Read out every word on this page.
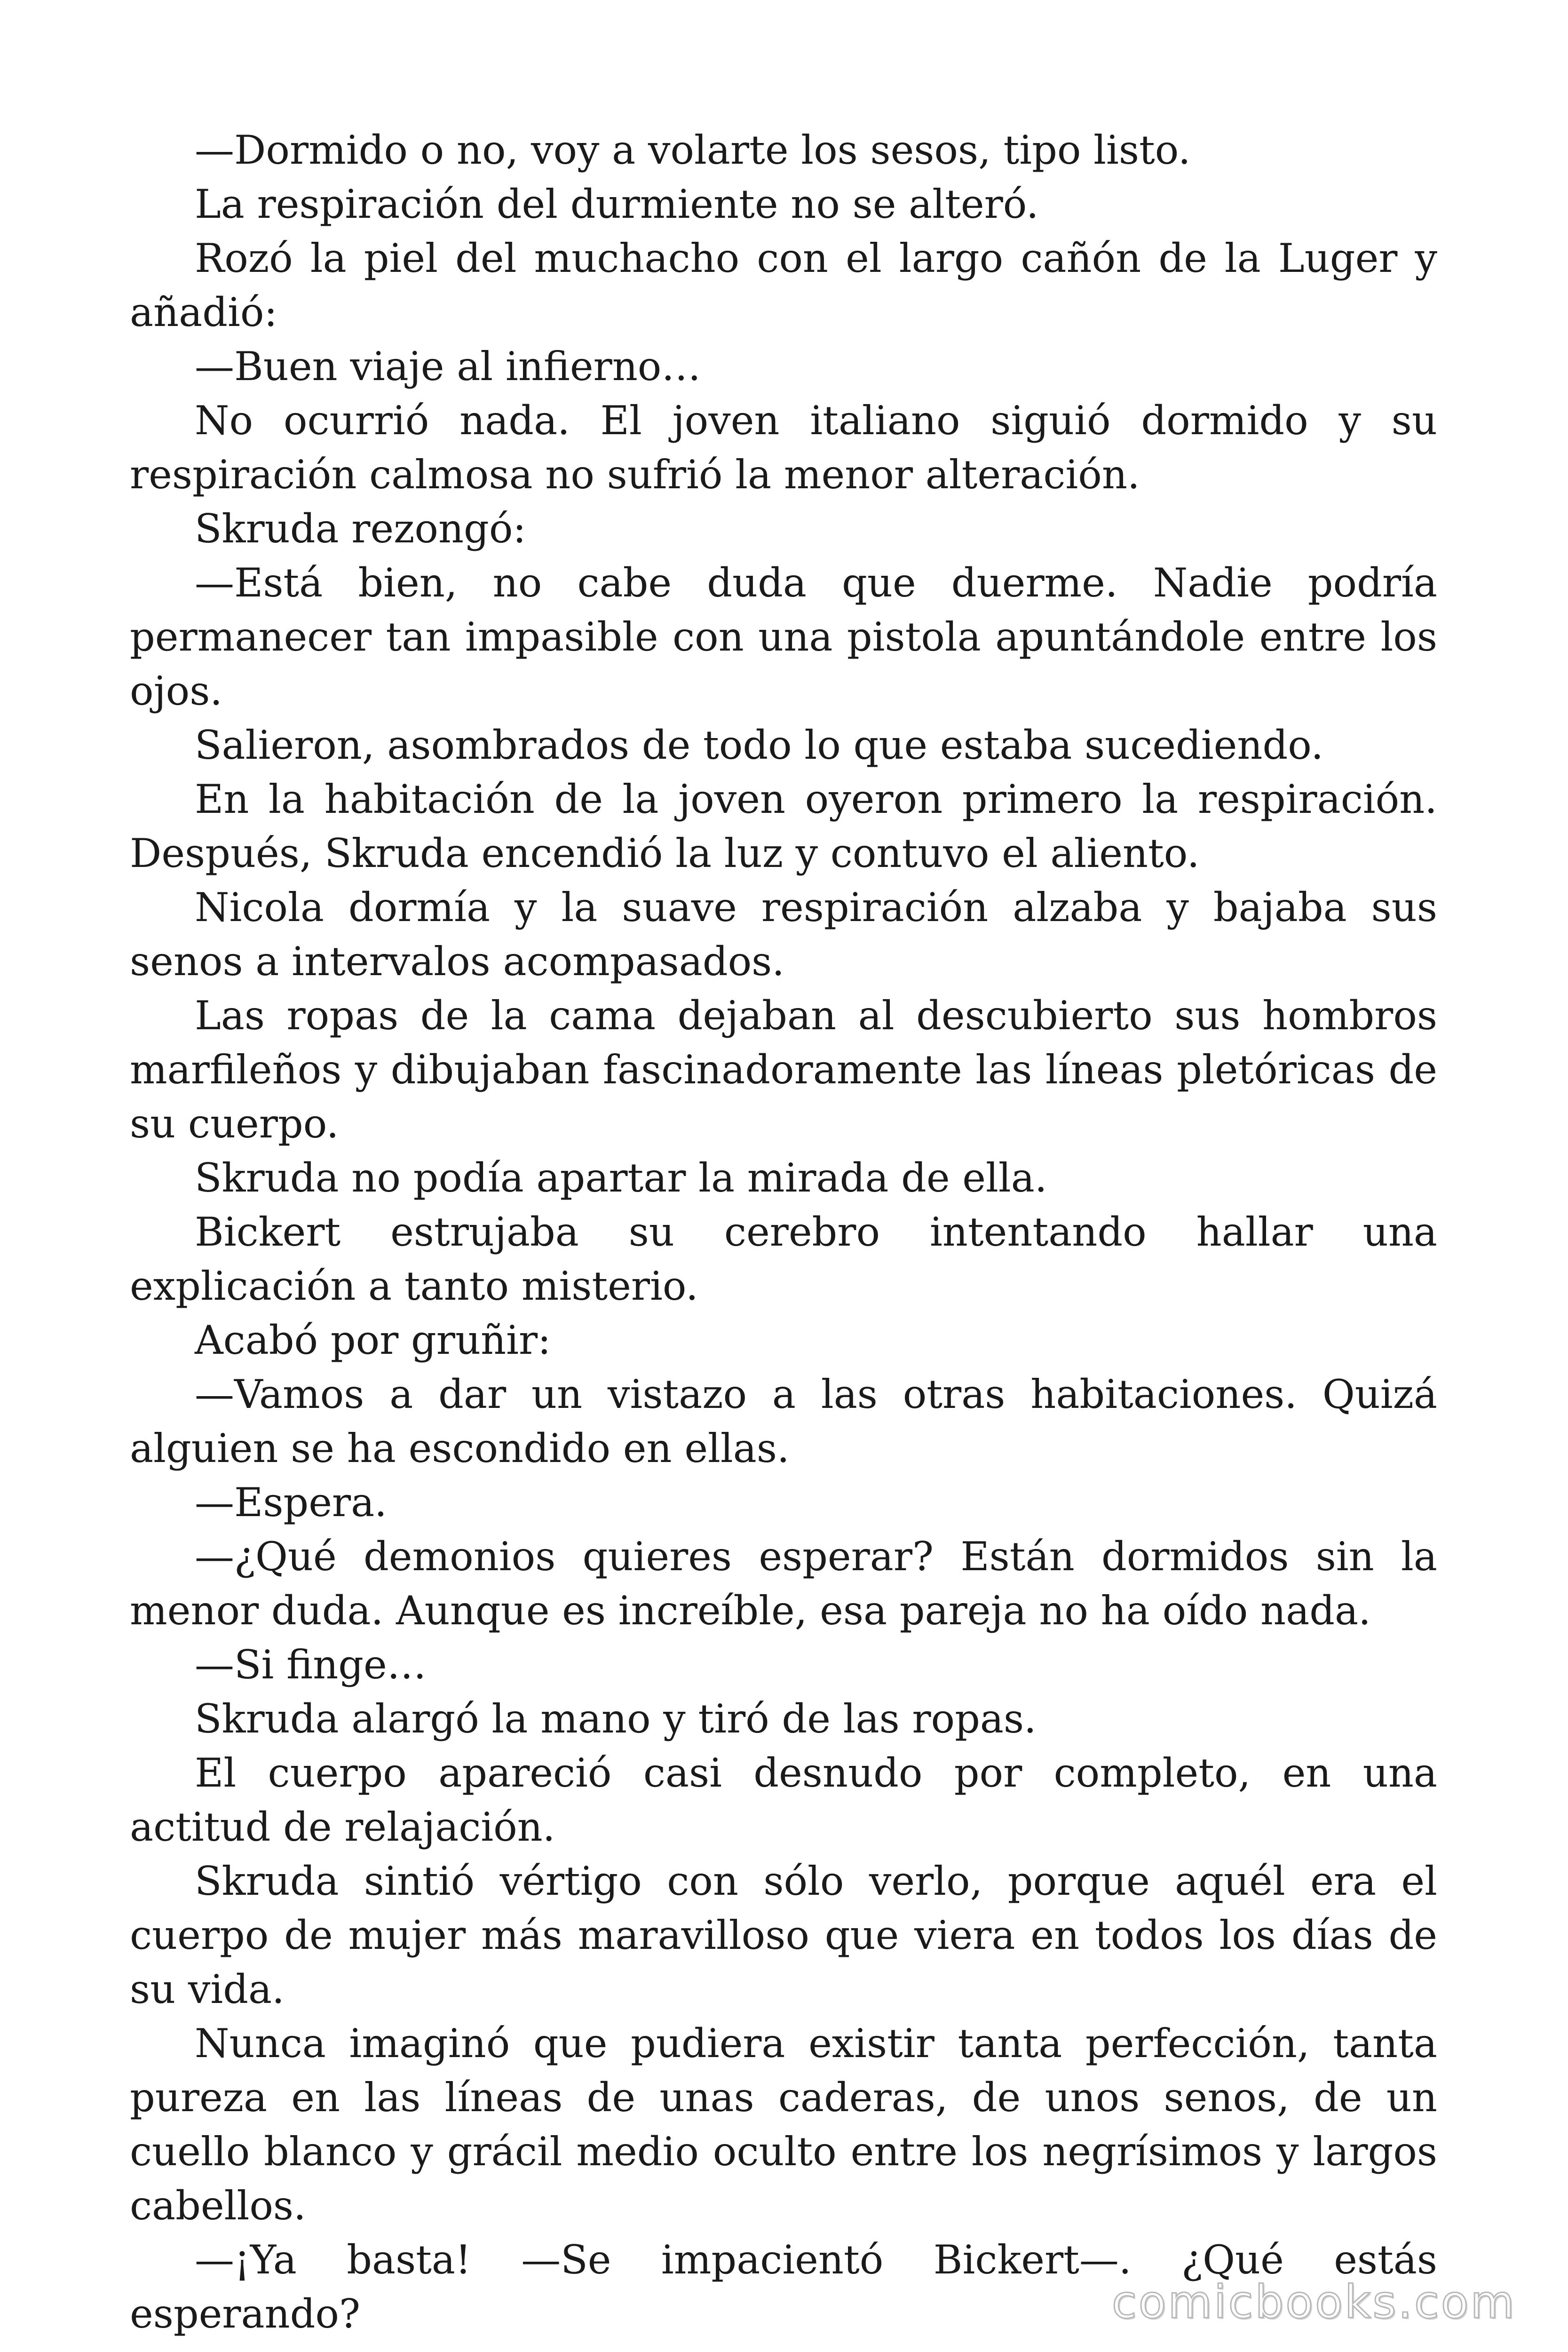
—Dormido o no, voy a volarte los sesos, tipo listo.

La respiración del durmiente no se alteró.

Rozó la piel del muchacho con el largo cañón de la Luger y añadió:

—Buen viaje al infierno…

No ocurrió nada. El joven italiano siguió dormido y su respiración calmosa no sufrió la menor alteración.

Skruda rezongó:

—Está bien, no cabe duda que duerme. Nadie podría permanecer tan impasible con una pistola apuntándole entre los ojos.

Salieron, asombrados de todo lo que estaba sucediendo.

En la habitación de la joven oyeron primero la respiración. Después, Skruda encendió la luz y contuvo el aliento.

Nicola dormía y la suave respiración alzaba y bajaba sus senos a intervalos acompasados.

Las ropas de la cama dejaban al descubierto sus hombros marfileños y dibujaban fascinadoramente las líneas pletóricas de su cuerpo.

Skruda no podía apartar la mirada de ella.

Bickert estrujaba su cerebro intentando hallar una explicación a tanto misterio.

Acabó por gruñir:

—Vamos a dar un vistazo a las otras habitaciones. Quizá alguien se ha escondido en ellas.

—Espera.

—¿Qué demonios quieres esperar? Están dormidos sin la menor duda. Aunque es increíble, esa pareja no ha oído nada.

—Si finge…

Skruda alargó la mano y tiró de las ropas.

El cuerpo apareció casi desnudo por completo, en una actitud de relajación.

Skruda sintió vértigo con sólo verlo, porque aquél era el cuerpo de mujer más maravilloso que viera en todos los días de su vida.

Nunca imaginó que pudiera existir tanta perfección, tanta pureza en las líneas de unas caderas, de unos senos, de un cuello blanco y grácil medio oculto entre los negrísimos y largos cabellos.

—¡Ya basta! —Se impacientó Bickert—. ¿Qué estás esperando?	comicbooks.com
